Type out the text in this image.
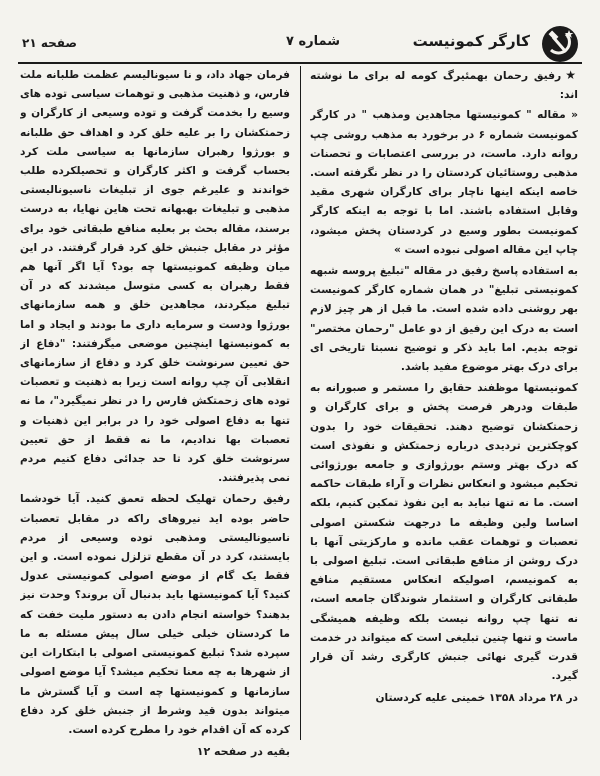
صفحه ۲۱	شماره ۷	کارگر کمونیست

★رفیق رحمان بهمئیرگ کومه له برای ما نوشته اند:

« مقاله " کمونیستها مجاهدین ومذهب " در کارگر کمونیست شماره ۶ در برخورد به مذهب روشی چپ روانه دارد. ماست، در بررسی اعتصابات و تحصنات مذهبی روستائیان کردستان را در نظر نگرفته است. خاصه اینکه اینها ناچار برای کارگران شهری مقید وقابل استفاده باشند. اما با توجه به اینکه کارگر کمونیست بطور وسیع در کردستان پخش میشود، چاپ این مقاله اصولی نبوده است »

به استفاده پاسخ رفیق در مقاله "تبلیغ پروسه شبهه کمونیستی تبلیغ" در همان شماره کارگر کمونیست بهر روشنی داده شده است. ما قبل از هر چیز لازم است به درک این رفیق از دو عامل "رحمان مختصر" توجه بدیم. اما باید ذکر و توضیح نسبتا تاریخی ای برای درک بهتر موضوع مفید باشد.

کمونیستها موظفند حقایق را مستمر و صبورانه به طبقات ودرهر فرصت پخش و برای کارگران و زحمتکشان توضیح دهند. تحقیقات خود را بدون کوچکترین تردیدی درباره زحمتکش و نفوذی است که درک بهتر وستم بورژوازی و جامعه بورژوائی تحکیم میشود و انعکاس نظرات و آراء طبقات حاکمه است. ما نه تنها نباید به این نفوذ تمکین کنیم، بلکه اساسا ولین وظیفه ما درجهت شکستن اصولی تعصبات و توهمات عقب مانده و مارکزیتی آنها با درک روشن از منافع طبقاتی است. تبلیغ اصولی با به کمونیسم، اصولیکه انعکاس مستقیم منافع طبقاتی کارگران و استثمار شوندگان جامعه است، نه تنها چپ روانه نیست بلکه وظیفه همیشگی ماست و تنها چنین تبلیغی است که میتواند در خدمت قدرت گیری نهائی جنبش کارگری رشد آن قرار گیرد.

در ۲۸ مرداد ۱۳۵۸ خمینی علیه کردستان

فرمان جهاد داد، و نا سیونالیسم عظمت طلبانه ملت فارس، و ذهنیت مذهبی و توهمات سیاسی توده های وسیع را بخدمت گرفت و توده وسیعی از کارگران و زحمتکشان را بر علیه خلق کرد و اهداف حق طلبانه و بورژوا رهبران سازمانها به سیاسی ملت کرد بحساب گرفت و اکثر کارگران و تحصیلکرده طلب خواندند و علیرغم جوی از تبلیغات ناسیونالیستی مذهبی و تبلیغات بهبهانه تحت هاین نهایا، به درست برسند، مقاله بحث بر بعلیه منافع طبقاتی خود برای مؤثر در مقابل جنبش خلق کرد قرار گرفتند. در این میان وظیفه کمونیستها چه بود؟ آیا اگر آنها هم فقط رهبران به کسی متوسل میشدند که در آن تبلیغ میکردند، مجاهدین خلق و همه سازمانهای بورژوا ودست و سرمایه داری ما بودند و ایجاد و اما به کمونیستها اینچنین موضعی میگرفتند: "دفاع از حق تعیین سرنوشت خلق کرد و دفاع از سازمانهای انقلابی آن چپ روانه است زیرا به ذهنیت و تعصبات توده های زحمتکش فارس را در نظر نمیگیرد"، ما نه تنها به دفاع اصولی خود را در برابر این ذهنیات و تعصبات بها ندادیم، ما نه فقط از حق تعیین سرنوشت خلق کرد تا حد جدائی دفاع کنیم مردم نمی پذیرفتند.

رفیق رحمان تهلیک لحظه تعمق کنید. آیا خودشما حاضر بوده اید نیروهای راکه در مقابل تعصبات ناسیونالیستی ومذهبی توده وسیعی از مردم بایستند، کرد در آن مقطع تزلزل نموده است. و این فقط یک گام از موضع اصولی کمونیستی عدول کنید؟ آیا کمونیستها باید بدنبال آن بروند؟ وحدت نیز بدهند؟ خواسته انجام دادن به دستور ملیت خفت که ما کردستان خیلی خیلی سال پیش مسئله به ما سپرده شد؟ تبلیغ کمونیستی اصولی با ابتکارات این از شهرها به چه معنا تحکیم میشد؟ آیا موضع اصولی سازمانها و کمونیستها چه است و آیا گسترش ما میتواند بدون قید وشرط از جنبش خلق کرد دفاع کرده که آن اقدام خود را مطرح کرده است.

بقیه در صفحه ۱۲
